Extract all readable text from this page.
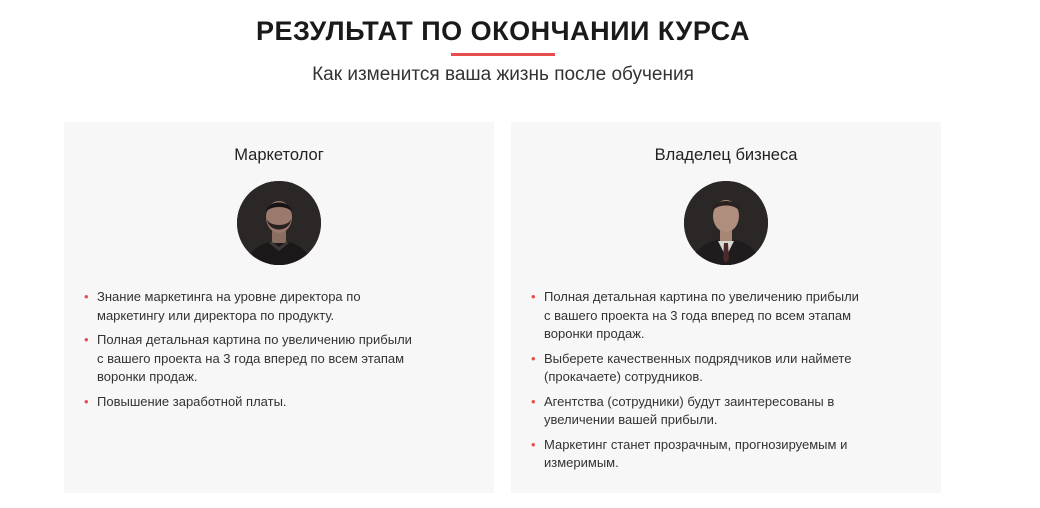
РЕЗУЛЬТАТ ПО ОКОНЧАНИИ КУРСА
Как изменится ваша жизнь после обучения
Маркетолог
• Знание маркетинга на уровне директора по
маркетингу или директора по продукту.
• Полная детальная картина по увеличению прибыли
с вашего проекта на 3 года вперед по всем этапам
воронки продаж.
• Повышение заработной платы.
Владелец бизнеса
• Полная детальная картина по увеличению прибыли
с вашего проекта на 3 года вперед по всем этапам
воронки продаж.
• Выберете качественных подрядчиков или наймете
(прокачаете) сотрудников.
• Агентства (сотрудники) будут заинтересованы в
увеличении вашей прибыли.
• Маркетинг станет прозрачным, прогнозируемым и
измеримым.
